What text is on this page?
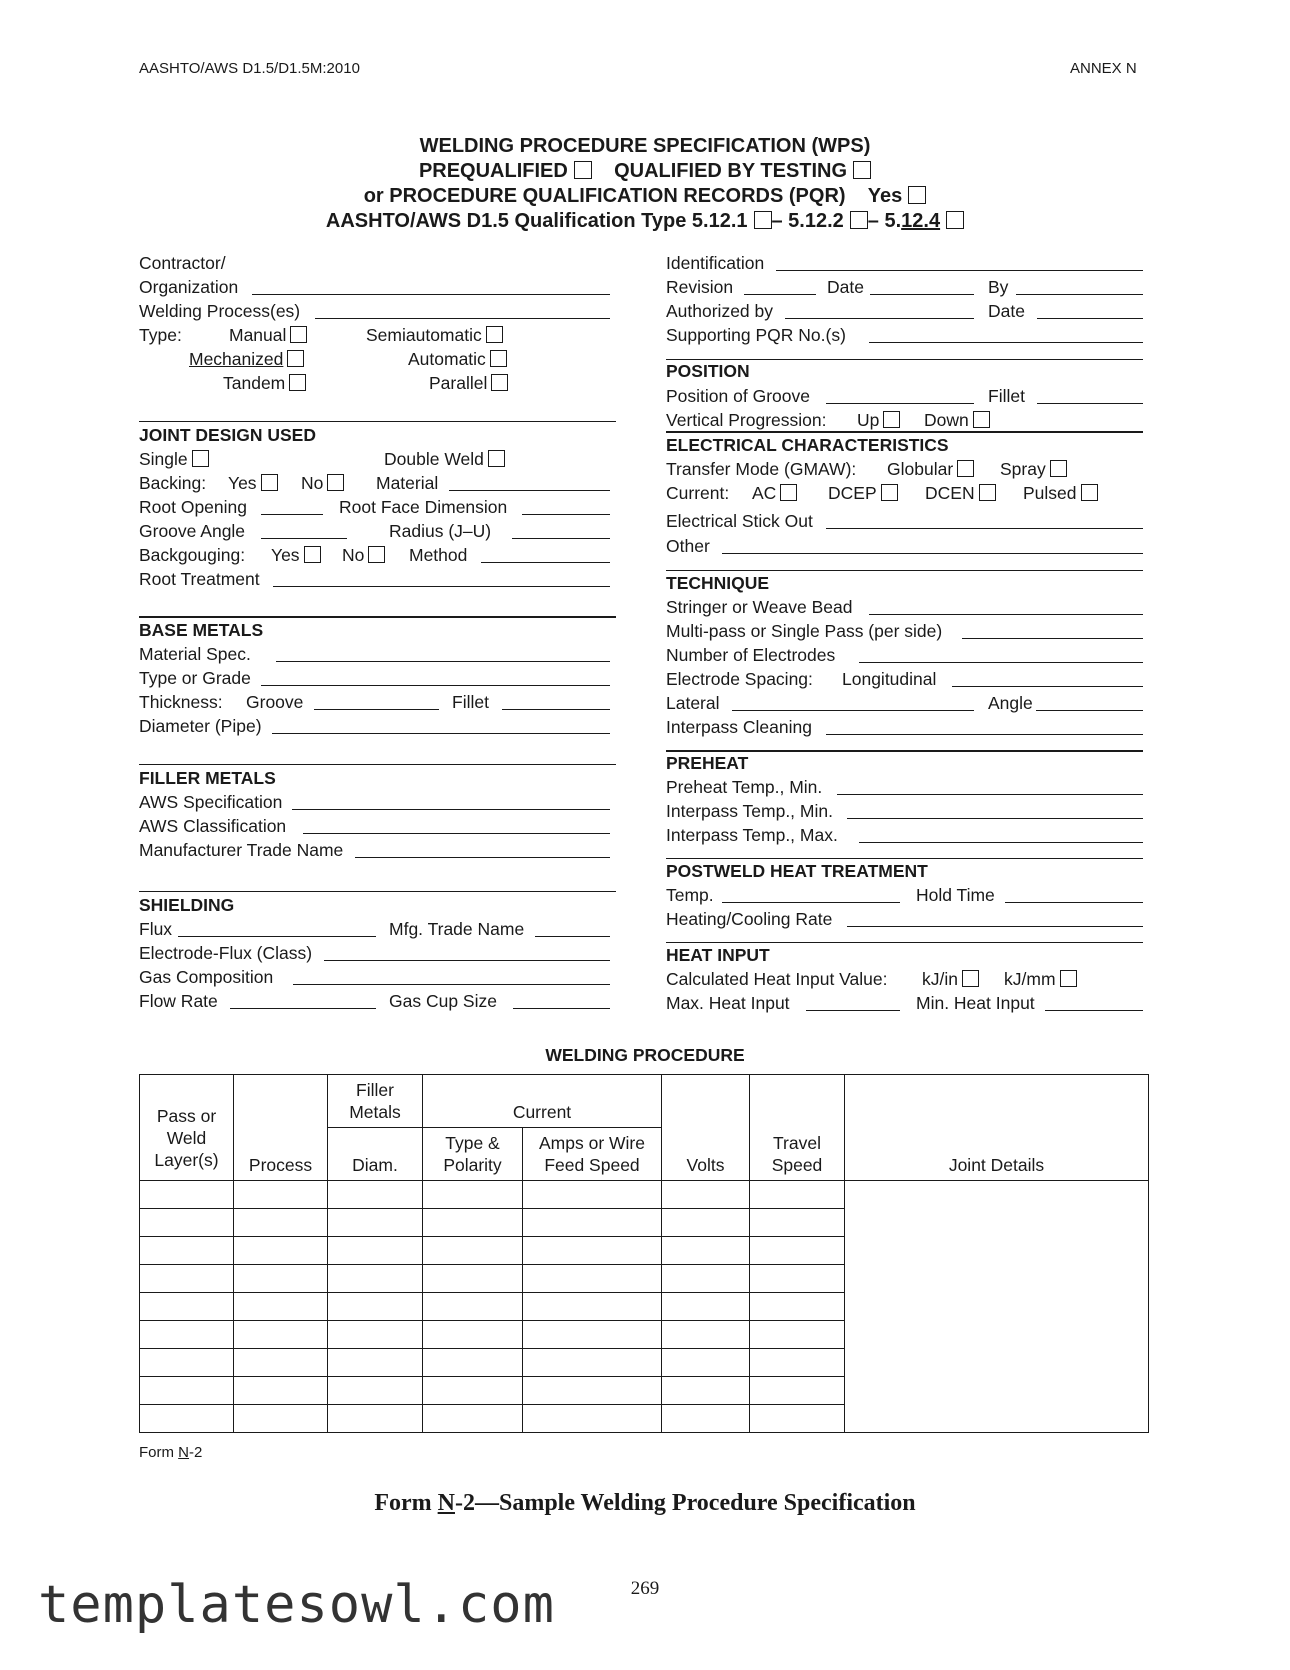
AASHTO/AWS D1.5/D1.5M:2010	ANNEX N
WELDING PROCEDURE SPECIFICATION (WPS)
PREQUALIFIED QUALIFIED BY TESTING
or PROCEDURE QUALIFICATION RECORDS (PQR) Yes
AASHTO/AWS D1.5 Qualification Type 5.12.1 – 5.12.2 – 5.12.4
Contractor/
Organization
Welding Process(es)
Type:	Manual	Semiautomatic
Mechanized	Automatic
Tandem	Parallel
JOINT DESIGN USED
Single	Double Weld
Backing: Yes	No	Material
Root Opening	Root Face Dimension
Groove Angle	Radius (J–U)
Backgouging: Yes	No	Method
Root Treatment
BASE METALS
Material Spec.
Type or Grade
Thickness: Groove	Fillet
Diameter (Pipe)
FILLER METALS
AWS Specification
AWS Classification
Manufacturer Trade Name
SHIELDING
Flux	Mfg. Trade Name
Electrode-Flux (Class)
Gas Composition
Flow Rate	Gas Cup Size
Identification
Revision	Date	By
Authorized by	Date
Supporting PQR No.(s)
POSITION
Position of Groove	Fillet
Vertical Progression: Up	Down
ELECTRICAL CHARACTERISTICS
Transfer Mode (GMAW): Globular	Spray
Current: AC	DCEP	DCEN	Pulsed
Electrical Stick Out
Other
TECHNIQUE
Stringer or Weave Bead
Multi-pass or Single Pass (per side)
Number of Electrodes
Electrode Spacing: Longitudinal
Lateral	Angle
Interpass Cleaning
PREHEAT
Preheat Temp., Min.
Interpass Temp., Min.
Interpass Temp., Max.
POSTWELD HEAT TREATMENT
Temp.	Hold Time
Heating/Cooling Rate
HEAT INPUT
Calculated Heat Input Value: kJ/in	kJ/mm
Max. Heat Input	Min. Heat Input
WELDING PROCEDURE
Pass or Weld Layer(s)	Process	Filler Metals	Current		Volts	Travel Speed	Joint Details
		Diam.	Type & Polarity	Amps or Wire Feed Speed			

Form N-2
Form N-2—Sample Welding Procedure Specification
269
templatesowl.com
